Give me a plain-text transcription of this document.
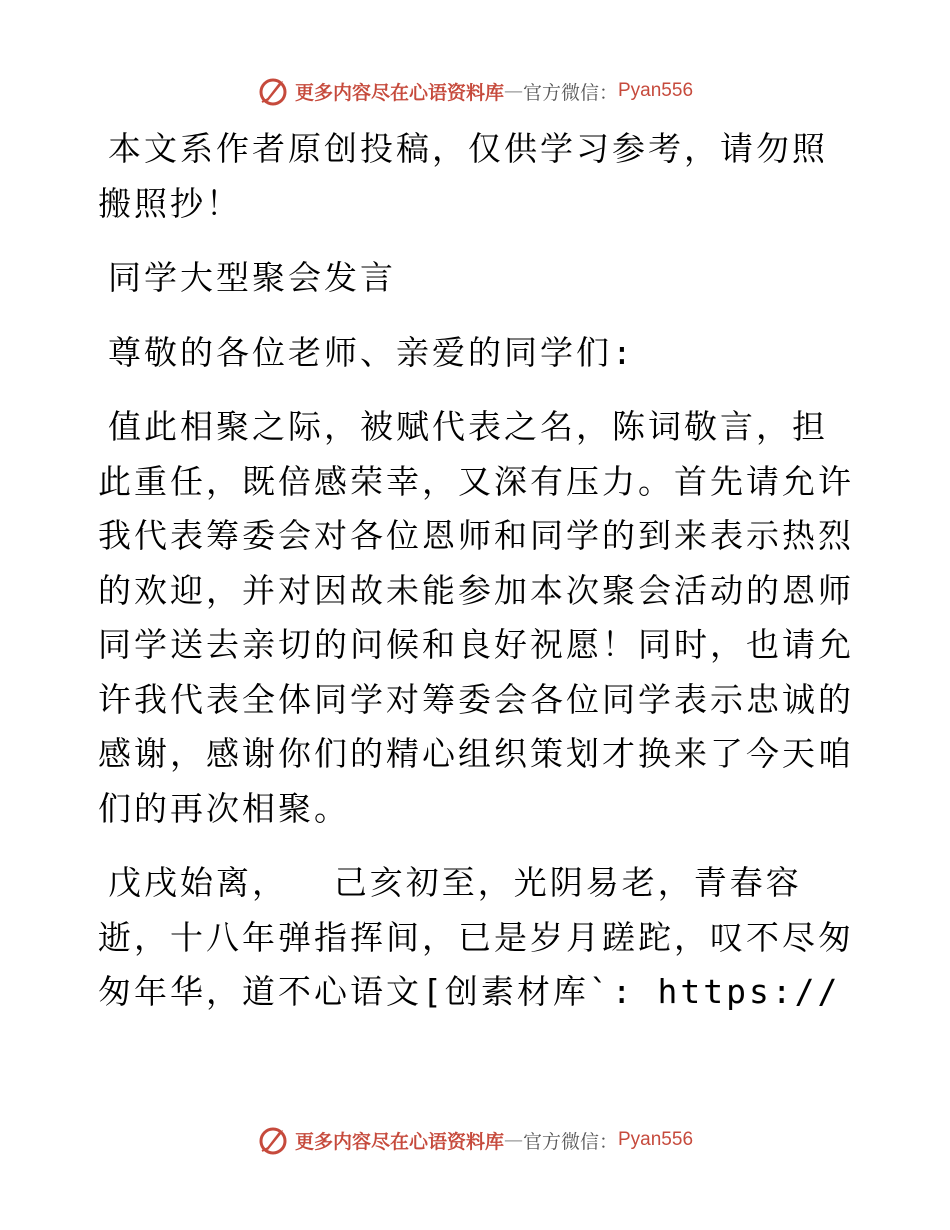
更多内容尽在心语资料库 — 官方微信： Pyan556

本文系作者原创投稿，仅供学习参考，请勿照搬照抄！

同学大型聚会发言

尊敬的各位老师、亲爱的同学们:

值此相聚之际，被赋代表之名，陈词敬言，担此重任，既倍感荣幸，又深有压力。首先请允许我代表筹委会对各位恩师和同学的到来表示热烈的欢迎，并对因故未能参加本次聚会活动的恩师同学送去亲切的问候和良好祝愿！同时，也请允许我代表全体同学对筹委会各位同学表示忠诚的感谢，感谢你们的精心组织策划才换来了今天咱们的再次相聚。

戊戌始离，  己亥初至，光阴易老，青春容逝，十八年弹指挥间，已是岁月蹉跎，叹不尽匆匆年华，道不心语文[创素材库`: https://

更多内容尽在心语资料库 — 官方微信： Pyan556
